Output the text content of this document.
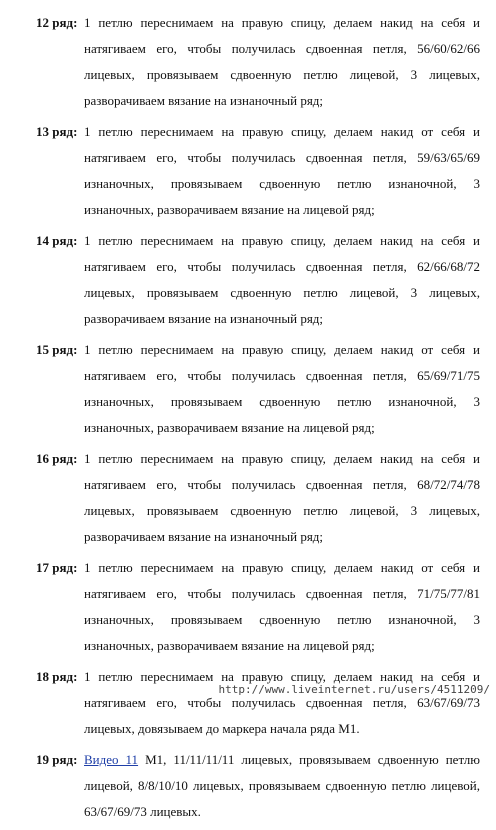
12 ряд: 1 петлю переснимаем на правую спицу, делаем накид на себя и натягиваем его, чтобы получилась сдвоенная петля, 56/60/62/66 лицевых, провязываем сдвоенную петлю лицевой, 3 лицевых, разворачиваем вязание на изнаночный ряд;
13 ряд: 1 петлю переснимаем на правую спицу, делаем накид от себя и натягиваем его, чтобы получилась сдвоенная петля, 59/63/65/69 изнаночных, провязываем сдвоенную петлю изнаночной, 3 изнаночных, разворачиваем вязание на лицевой ряд;
14 ряд: 1 петлю переснимаем на правую спицу, делаем накид на себя и натягиваем его, чтобы получилась сдвоенная петля, 62/66/68/72 лицевых, провязываем сдвоенную петлю лицевой, 3 лицевых, разворачиваем вязание на изнаночный ряд;
15 ряд: 1 петлю переснимаем на правую спицу, делаем накид от себя и натягиваем его, чтобы получилась сдвоенная петля, 65/69/71/75 изнаночных, провязываем сдвоенную петлю изнаночной, 3 изнаночных, разворачиваем вязание на лицевой ряд;
16 ряд: 1 петлю переснимаем на правую спицу, делаем накид на себя и натягиваем его, чтобы получилась сдвоенная петля, 68/72/74/78 лицевых, провязываем сдвоенную петлю лицевой, 3 лицевых, разворачиваем вязание на изнаночный ряд;
17 ряд: 1 петлю переснимаем на правую спицу, делаем накид от себя и натягиваем его, чтобы получилась сдвоенная петля, 71/75/77/81 изнаночных, провязываем сдвоенную петлю изнаночной, 3 изнаночных, разворачиваем вязание на лицевой ряд;
18 ряд: 1 петлю переснимаем на правую спицу, делаем накид на себя и натягиваем его, чтобы получилась сдвоенная петля, 63/67/69/73 лицевых, довязываем до маркера начала ряда М1.
19 ряд: Видео 11 М1, 11/11/11/11 лицевых, провязываем сдвоенную петлю лицевой, 8/8/10/10 лицевых, провязываем сдвоенную петлю лицевой, 63/67/69/73 лицевых.
http://www.liveinternet.ru/users/4511209/
